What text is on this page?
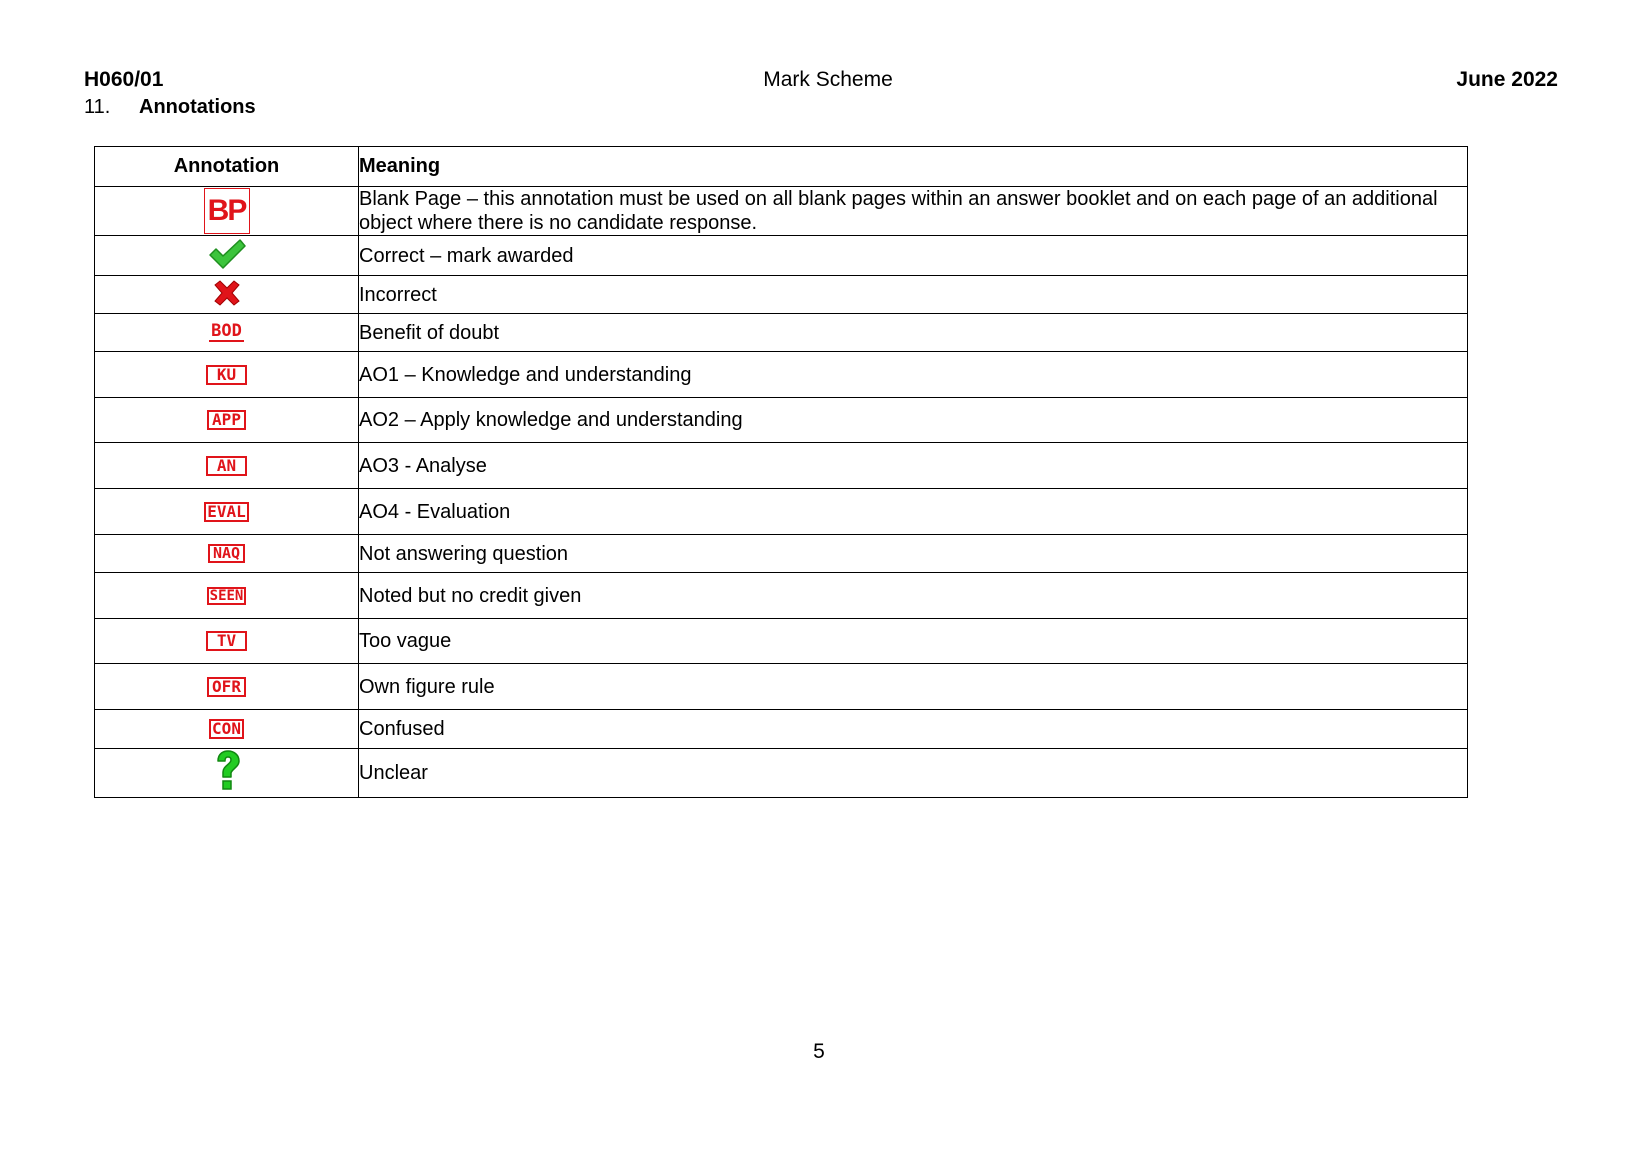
H060/01	Mark Scheme	June 2022
11. Annotations
Annotation	Meaning
BP	Blank Page – this annotation must be used on all blank pages within an answer booklet and on each page of an additional object where there is no candidate response.
	Correct – mark awarded
	Incorrect
BOD	Benefit of doubt
KU	AO1 – Knowledge and understanding
APP	AO2 – Apply knowledge and understanding
AN	AO3 - Analyse
EVAL	AO4 - Evaluation
NAQ	Not answering question
SEEN	Noted but no credit given
TV	Too vague
OFR	Own figure rule
CON	Confused
	Unclear
5
